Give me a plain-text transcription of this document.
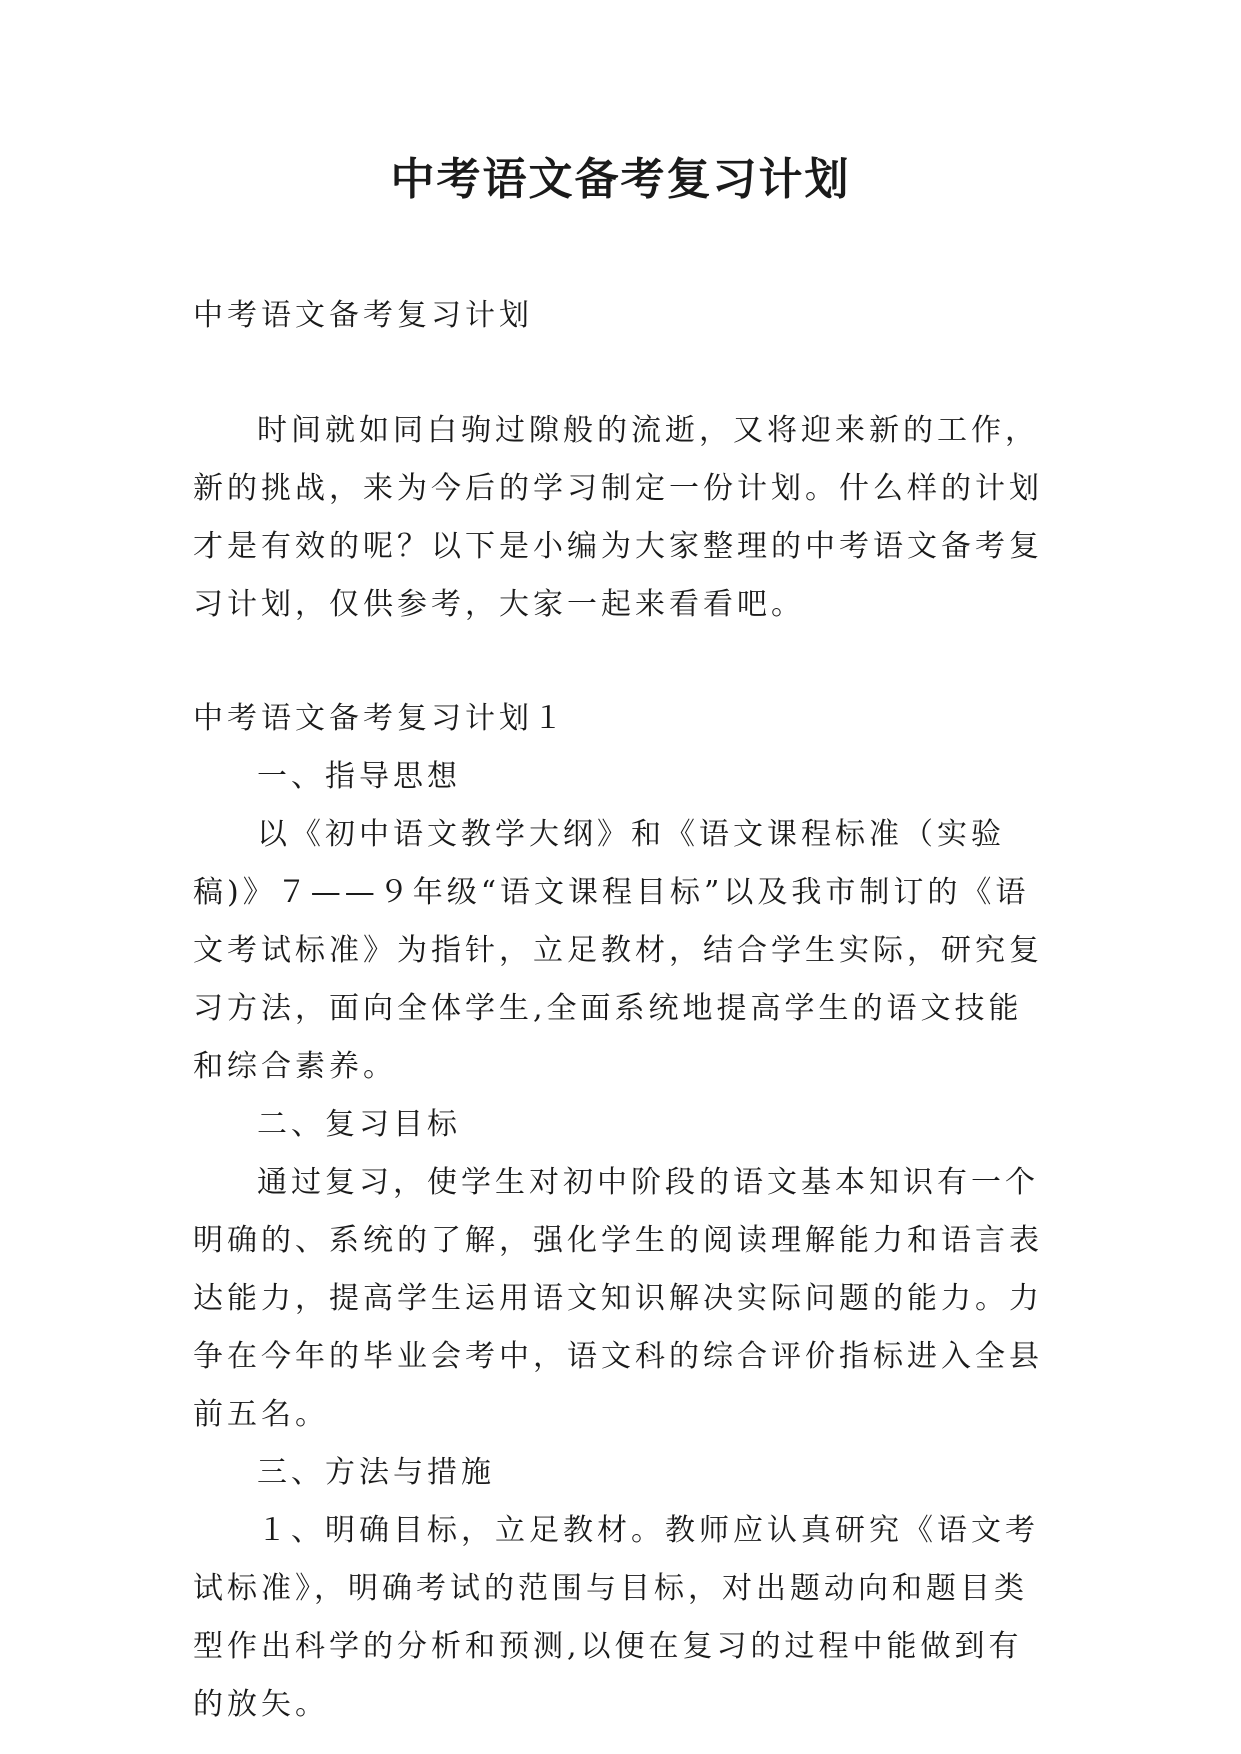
中考语文备考复习计划

中考语文备考复习计划

时间就如同白驹过隙般的流逝，又将迎来新的工作，新的挑战，来为今后的学习制定一份计划。什么样的计划才是有效的呢？以下是小编为大家整理的中考语文备考复习计划，仅供参考，大家一起来看看吧。

中考语文备考复习计划１

一、指导思想

以《初中语文教学大纲》和《语文课程标准（实验稿)》７——９年级“语文课程目标”以及我市制订的《语文考试标准》为指针，立足教材，结合学生实际，研究复习方法，面向全体学生,全面系统地提高学生的语文技能和综合素养。

二、复习目标

通过复习，使学生对初中阶段的语文基本知识有一个明确的、系统的了解，强化学生的阅读理解能力和语言表达能力，提高学生运用语文知识解决实际问题的能力。力争在今年的毕业会考中，语文科的综合评价指标进入全县前五名。

三、方法与措施

１、明确目标，立足教材。教师应认真研究《语文考试标准》，明确考试的范围与目标，对出题动向和题目类型作出科学的分析和预测,以便在复习的过程中能做到有的放矢。
